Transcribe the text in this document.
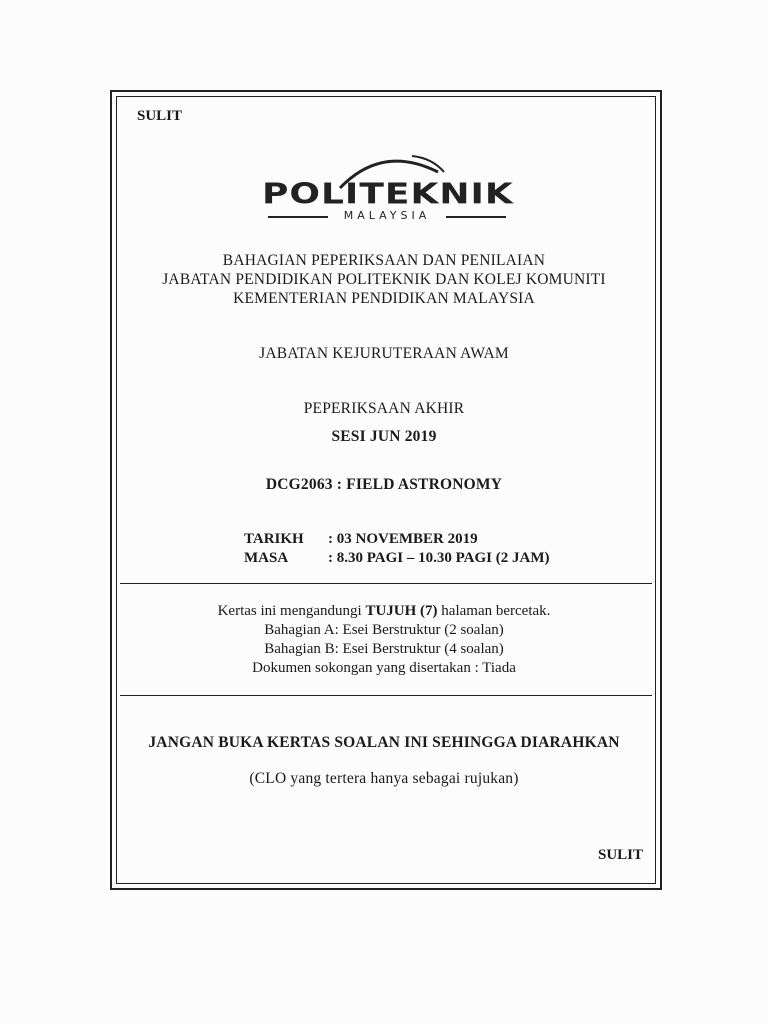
SULIT
POLITEKNIK
MALAYSIA
BAHAGIAN PEPERIKSAAN DAN PENILAIAN
JABATAN PENDIDIKAN POLITEKNIK DAN KOLEJ KOMUNITI
KEMENTERIAN PENDIDIKAN MALAYSIA
JABATAN KEJURUTERAAN AWAM
PEPERIKSAAN AKHIR
SESI JUN 2019
DCG2063 : FIELD ASTRONOMY
TARIKH : 03 NOVEMBER 2019
MASA	: 8.30 PAGI – 10.30 PAGI (2 JAM)
Kertas ini mengandungi TUJUH (7) halaman bercetak.
Bahagian A: Esei Berstruktur (2 soalan)
Bahagian B: Esei Berstruktur (4 soalan)
Dokumen sokongan yang disertakan : Tiada
JANGAN BUKA KERTAS SOALAN INI SEHINGGA DIARAHKAN
(CLO yang tertera hanya sebagai rujukan)
SULIT
